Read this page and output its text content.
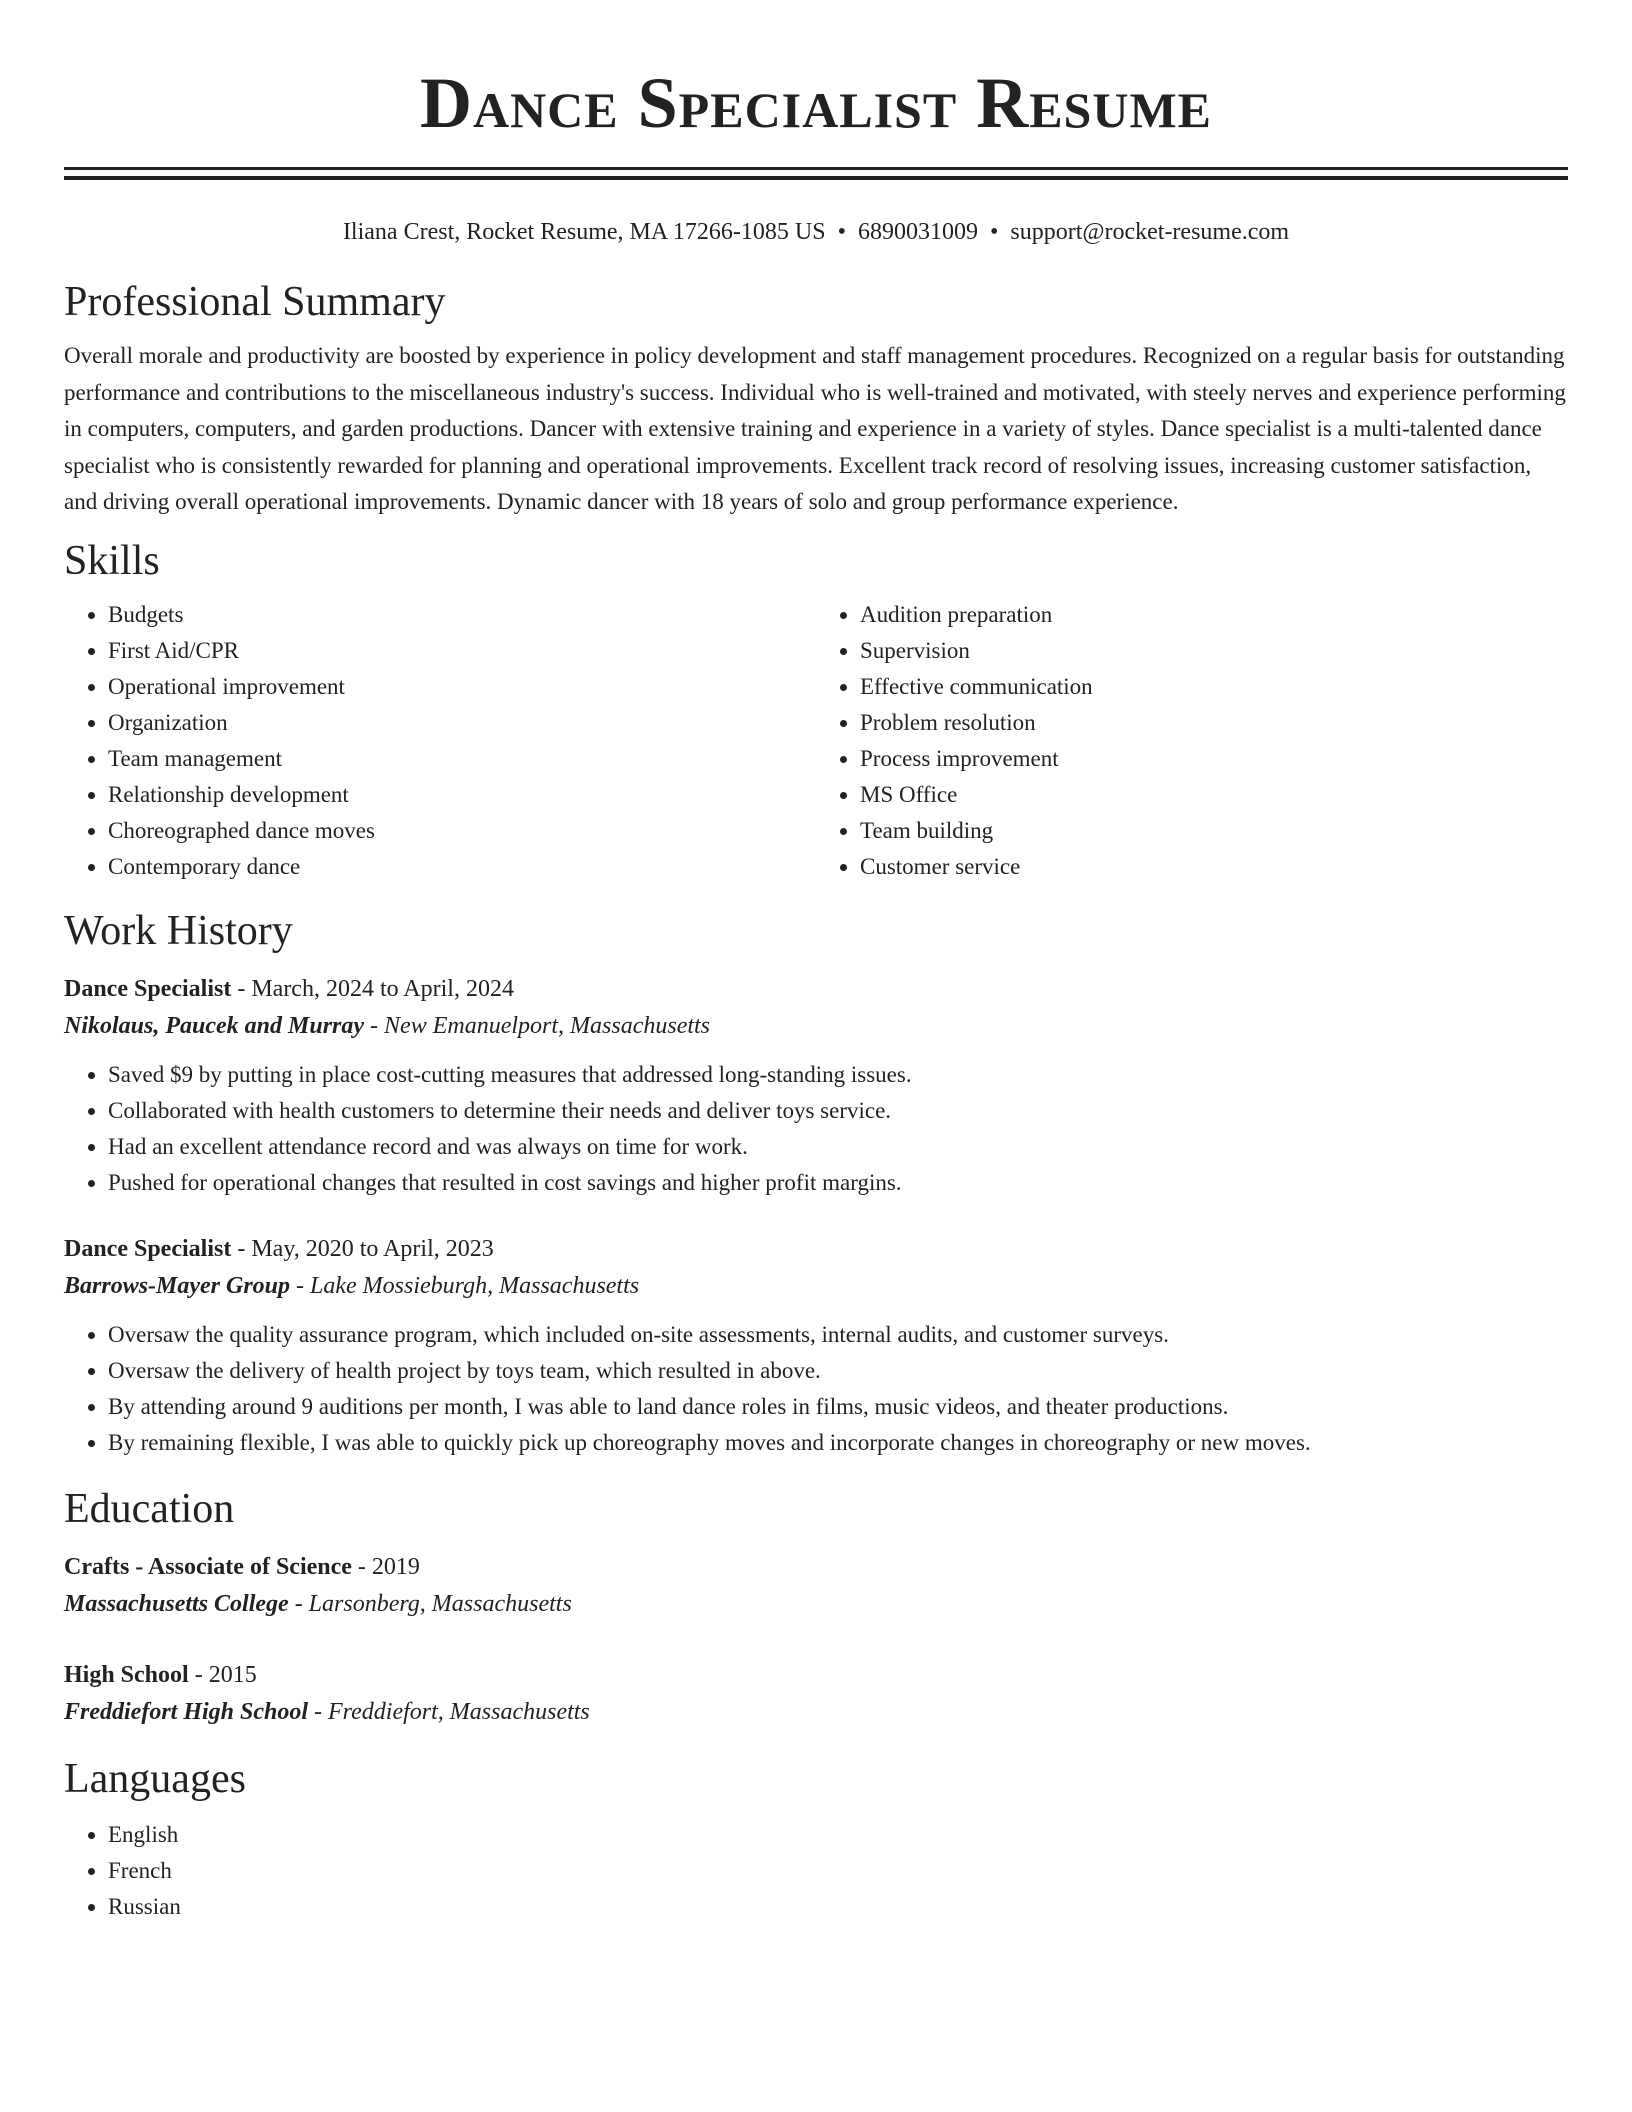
Dance Specialist Resume
Iliana Crest, Rocket Resume, MA 17266-1085 US • 6890031009 • support@rocket-resume.com
Professional Summary

Overall morale and productivity are boosted by experience in policy development and staff management procedures. Recognized on a regular basis for outstanding performance and contributions to the miscellaneous industry's success. Individual who is well-trained and motivated, with steely nerves and experience performing in computers, computers, and garden productions. Dancer with extensive training and experience in a variety of styles. Dance specialist is a multi-talented dance specialist who is consistently rewarded for planning and operational improvements. Excellent track record of resolving issues, increasing customer satisfaction, and driving overall operational improvements. Dynamic dancer with 18 years of solo and group performance experience.

Skills
• Budgets
• First Aid/CPR
• Operational improvement
• Organization
• Team management
• Relationship development
• Choreographed dance moves
• Contemporary dance
• Audition preparation
• Supervision
• Effective communication
• Problem resolution
• Process improvement
• MS Office
• Team building
• Customer service
Work History
Dance Specialist - March, 2024 to April, 2024
Nikolaus, Paucek and Murray - New Emanuelport, Massachusetts
• Saved $9 by putting in place cost-cutting measures that addressed long-standing issues.
• Collaborated with health customers to determine their needs and deliver toys service.
• Had an excellent attendance record and was always on time for work.
• Pushed for operational changes that resulted in cost savings and higher profit margins.
Dance Specialist - May, 2020 to April, 2023
Barrows-Mayer Group - Lake Mossieburgh, Massachusetts
• Oversaw the quality assurance program, which included on-site assessments, internal audits, and customer surveys.
• Oversaw the delivery of health project by toys team, which resulted in above.
• By attending around 9 auditions per month, I was able to land dance roles in films, music videos, and theater productions.
• By remaining flexible, I was able to quickly pick up choreography moves and incorporate changes in choreography or new moves.
Education
Crafts - Associate of Science - 2019
Massachusetts College - Larsonberg, Massachusetts
High School - 2015
Freddiefort High School - Freddiefort, Massachusetts
Languages
• English
• French
• Russian
